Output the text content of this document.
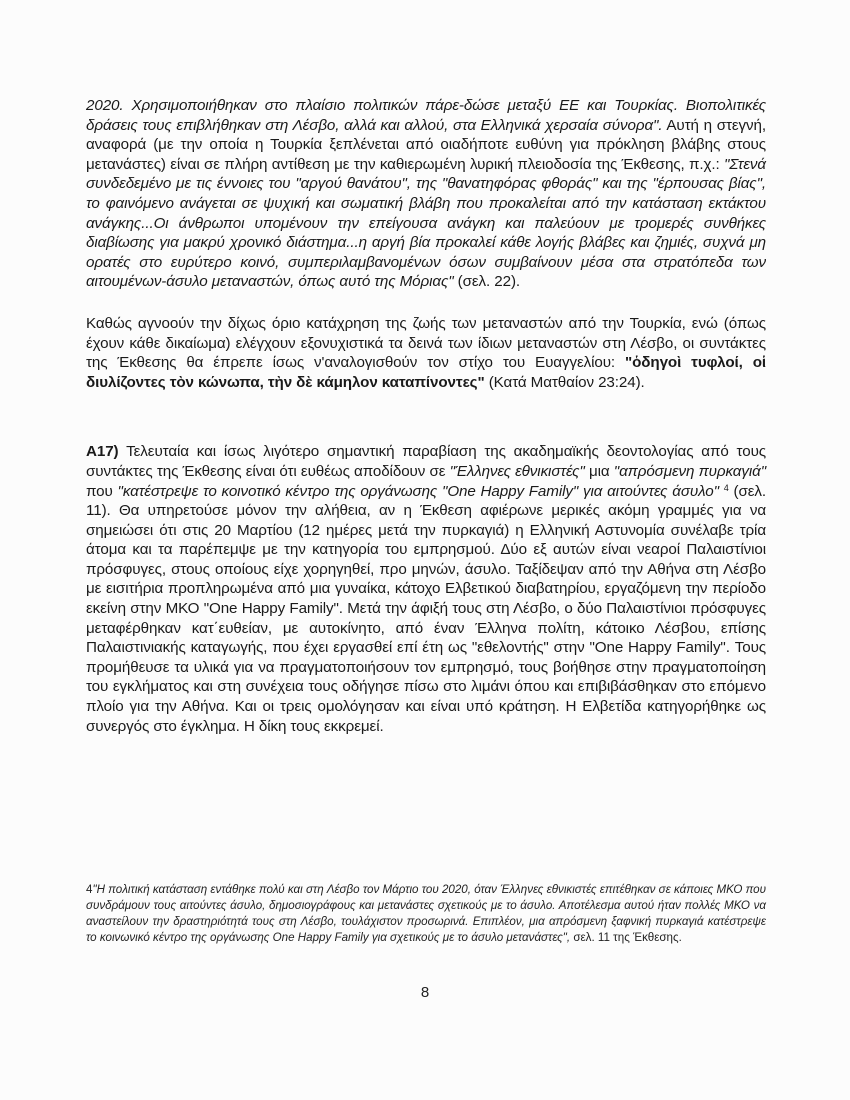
2020. Χρησιμοποιήθηκαν στο πλαίσιο πολιτικών πάρε-δώσε μεταξύ ΕΕ και Τουρκίας. Βιοπολιτικές δράσεις τους επιβλήθηκαν στη Λέσβο, αλλά και αλλού, στα Ελληνικά χερσαία σύνορα". Αυτή η στεγνή, αναφορά (με την οποία η Τουρκία ξεπλένεται από οιαδήποτε ευθύνη για πρόκληση βλάβης στους μετανάστες) είναι σε πλήρη αντίθεση με την καθιερωμένη λυρική πλειοδοσία της Έκθεσης, π.χ.: "Στενά συνδεδεμένο με τις έννοιες του "αργού θανάτου", της "θανατηφόρας φθοράς" και της "έρπουσας βίας", το φαινόμενο ανάγεται σε ψυχική και σωματική βλάβη που προκαλείται από την κατάσταση εκτάκτου ανάγκης...Οι άνθρωποι υπομένουν την επείγουσα ανάγκη και παλεύουν με τρομερές συνθήκες διαβίωσης για μακρύ χρονικό διάστημα...η αργή βία προκαλεί κάθε λογής βλάβες και ζημιές, συχνά μη ορατές στο ευρύτερο κοινό, συμπεριλαμβανομένων όσων συμβαίνουν μέσα στα στρατόπεδα των αιτουμένων-άσυλο μεταναστών, όπως αυτό της Μόριας" (σελ. 22).

Καθώς αγνοούν την δίχως όριο κατάχρηση της ζωής των μεταναστών από την Τουρκία, ενώ (όπως έχουν κάθε δικαίωμα) ελέγχουν εξονυχιστικά τα δεινά των ίδιων μεταναστών στη Λέσβο, οι συντάκτες της Έκθεσης θα έπρεπε ίσως ν'αναλογισθούν τον στίχο του Ευαγγελίου: "ὁδηγοὶ τυφλοί, οἱ διυλίζοντες τὸν κώνωπα, τὴν δὲ κάμηλον καταπίνοντες" (Κατά Ματθαίον 23:24).

Α17) Τελευταία και ίσως λιγότερο σημαντική παραβίαση της ακαδημαϊκής δεοντολογίας από τους συντάκτες της Έκθεσης είναι ότι ευθέως αποδίδουν σε "Έλληνες εθνικιστές" μια "απρόσμενη πυρκαγιά" που "κατέστρεψε το κοινοτικό κέντρο της οργάνωσης "One Happy Family" για αιτούντες άσυλο" $^4$ (σελ. 11). Θα υπηρετούσε μόνον την αλήθεια, αν η Έκθεση αφιέρωνε μερικές ακόμη γραμμές για να σημειώσει ότι στις 20 Μαρτίου (12 ημέρες μετά την πυρκαγιά) η Ελληνική Αστυνομία συνέλαβε τρία άτομα και τα παρέπεμψε με την κατηγορία του εμπρησμού. Δύο εξ αυτών είναι νεαροί Παλαιστίνιοι πρόσφυγες, στους οποίους είχε χορηγηθεί, προ μηνών, άσυλο. Ταξίδεψαν από την Αθήνα στη Λέσβο με εισιτήρια προπληρωμένα από μια γυναίκα, κάτοχο Ελβετικού διαβατηρίου, εργαζόμενη την περίοδο εκείνη στην ΜΚΟ "One Happy Family". Μετά την άφιξή τους στη Λέσβο, ο δύο Παλαιστίνιοι πρόσφυγες μεταφέρθηκαν κατ΄ευθείαν, με αυτοκίνητο, από έναν Έλληνα πολίτη, κάτοικο Λέσβου, επίσης Παλαιστινιακής καταγωγής, που έχει εργασθεί επί έτη ως "εθελοντής" στην "One Happy Family". Τους προμήθευσε τα υλικά για να πραγματοποιήσουν τον εμπρησμό, τους βοήθησε στην πραγματοποίηση του εγκλήματος και στη συνέχεια τους οδήγησε πίσω στο λιμάνι όπου και επιβιβάσθηκαν στο επόμενο πλοίο για την Αθήνα. Και οι τρεις ομολόγησαν και είναι υπό κράτηση. Η Ελβετίδα κατηγορήθηκε ως συνεργός στο έγκλημα. Η δίκη τους εκκρεμεί.

4"Η πολιτική κατάσταση εντάθηκε πολύ και στη Λέσβο τον Μάρτιο του 2020, όταν Έλληνες εθνικιστές επιτέθηκαν σε κάποιες ΜΚΟ που συνδράμουν τους αιτούντες άσυλο, δημοσιογράφους και μετανάστες σχετικούς με το άσυλο. Αποτέλεσμα αυτού ήταν πολλές ΜΚΟ να αναστείλουν την δραστηριότητά τους στη Λέσβο, τουλάχιστον προσωρινά. Επιπλέον, μια απρόσμενη ξαφνική πυρκαγιά κατέστρεψε το κοινωνικό κέντρο της οργάνωσης One Happy Family για σχετικούς με το άσυλο μετανάστες", σελ. 11 της Έκθεσης.

8
